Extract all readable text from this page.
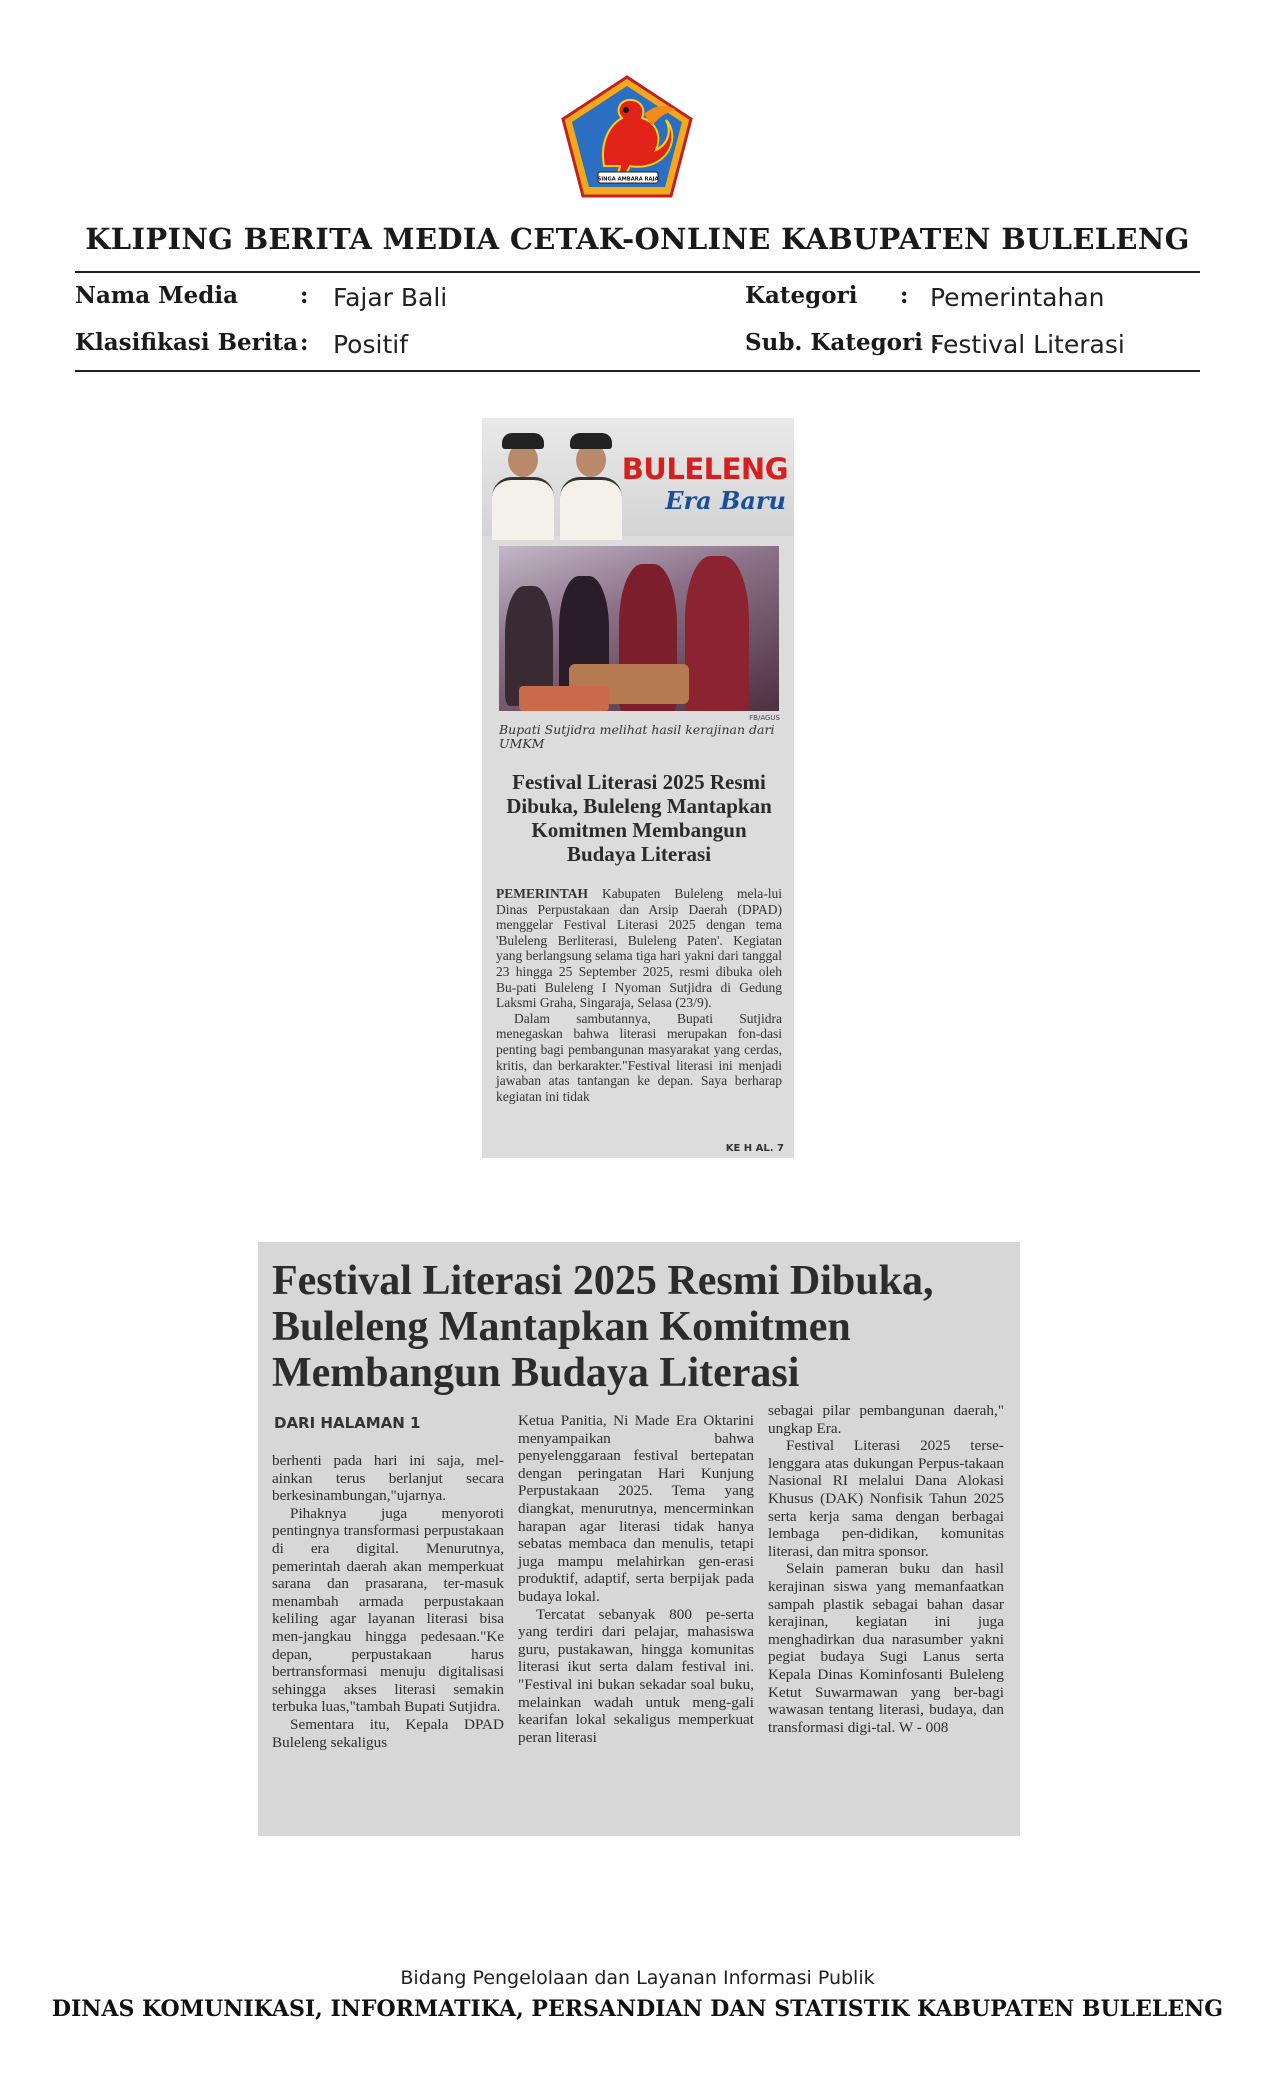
SINGA AMBARA RAJA
KLIPING BERITA MEDIA CETAK-ONLINE KABUPATEN BULELENG
Nama Media	: Fajar Bali
Klasifikasi Berita : Positif
Kategori : Pemerintahan
Sub. Kategori :
Festival Literasi
BULELENG
Era Baru
FB/AGUS
Bupati Sutjidra melihat hasil kerajinan dari UMKM
Festival Literasi 2025 Resmi Dibuka, Buleleng Mantapkan Komitmen Membangun Budaya Literasi

PEMERINTAH Kabupaten Buleleng mela-lui Dinas Perpustakaan dan Arsip Daerah (DPAD) menggelar Festival Literasi 2025 dengan tema 'Buleleng Berliterasi, Buleleng Paten'. Kegiatan yang berlangsung selama tiga hari yakni dari tanggal 23 hingga 25 September 2025, resmi dibuka oleh Bu-pati Buleleng I Nyoman Sutjidra di Gedung Laksmi Graha, Singaraja, Selasa (23/9).

Dalam sambutannya, Bupati Sutjidra menegaskan bahwa literasi merupakan fon-dasi penting bagi pembangunan masyarakat yang cerdas, kritis, dan berkarakter."Festival literasi ini menjadi jawaban atas tantangan ke depan. Saya berharap kegiatan ini tidak

KE H AL. 7
Festival Literasi 2025 Resmi Dibuka, Buleleng Mantapkan Komitmen Membangun Budaya Literasi
DARI HALAMAN 1

berhenti pada hari ini saja, mel-ainkan terus berlanjut secara berkesinambungan,"ujarnya.

Pihaknya juga menyoroti pentingnya transformasi perpustakaan di era digital. Menurutnya, pemerintah daerah akan memperkuat sarana dan prasarana, ter-masuk menambah armada perpustakaan keliling agar layanan literasi bisa men-jangkau hingga pedesaan."Ke depan, perpustakaan harus bertransformasi menuju digitalisasi sehingga akses literasi semakin terbuka luas,"tambah Bupati Sutjidra.

Sementara itu, Kepala DPAD Buleleng sekaligus

Ketua Panitia, Ni Made Era Oktarini menyampaikan bahwa penyelenggaraan festival bertepatan dengan peringatan Hari Kunjung Perpustakaan 2025. Tema yang diangkat, menurutnya, mencerminkan harapan agar literasi tidak hanya sebatas membaca dan menulis, tetapi juga mampu melahirkan gen-erasi produktif, adaptif, serta berpijak pada budaya lokal.

Tercatat sebanyak 800 pe-serta yang terdiri dari pelajar, mahasiswa guru, pustakawan, hingga komunitas literasi ikut serta dalam festival ini. "Festival ini bukan sekadar soal buku, melainkan wadah untuk meng-gali kearifan lokal sekaligus memperkuat peran literasi

sebagai pilar pembangunan daerah," ungkap Era.

Festival Literasi 2025 terse-lenggara atas dukungan Perpus-takaan Nasional RI melalui Dana Alokasi Khusus (DAK) Nonfisik Tahun 2025 serta kerja sama dengan berbagai lembaga pen-didikan, komunitas literasi, dan mitra sponsor.

Selain pameran buku dan hasil kerajinan siswa yang memanfaatkan sampah plastik sebagai bahan dasar kerajinan, kegiatan ini juga menghadirkan dua narasumber yakni pegiat budaya Sugi Lanus serta Kepala Dinas Kominfosanti Buleleng Ketut Suwarmawan yang ber-bagi wawasan tentang literasi, budaya, dan transformasi digi-tal. W - 008

Bidang Pengelolaan dan Layanan Informasi Publik
DINAS KOMUNIKASI, INFORMATIKA, PERSANDIAN DAN STATISTIK KABUPATEN BULELENG
